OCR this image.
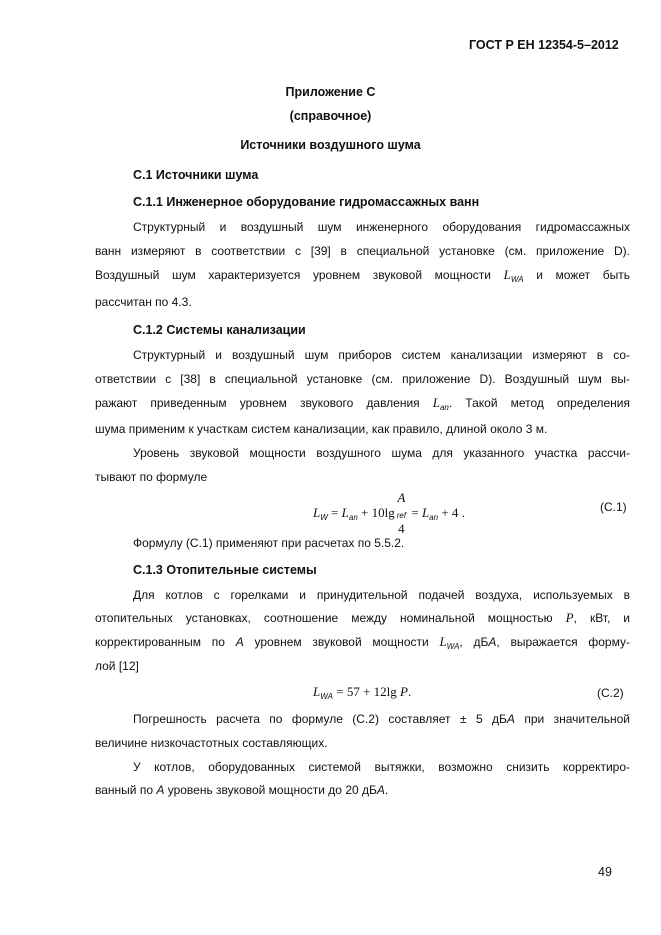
ГОСТ Р ЕН 12354-5–2012
Приложение С
(справочное)
Источники воздушного шума
С.1 Источники шума
С.1.1 Инженерное оборудование гидромассажных ванн
Структурный и воздушный шум инженерного оборудования гидромассажных
ванн измеряют в соответствии с [39] в специальной установке (см. приложение D).
Воздушный шум характеризуется уровнем звуковой мощности $L_{WA}$ и может быть
рассчитан по 4.3.
С.1.2 Системы канализации
Структурный и воздушный шум приборов систем канализации измеряют в со-
ответствии с [38] в специальной установке (см. приложение D). Воздушный шум вы-
ражают приведенным уровнем звукового давления $L_{an}$. Такой метод определения
шума применим к участкам систем канализации, как правило, длиной около 3 м.
Уровень звуковой мощности воздушного шума для указанного участка рассчи-
тывают по формуле
$L_W = L_{an} + 10\lg$
A
$_{ref}$
4
= $L_{an} + 4$ .	(С.1)
Формулу (С.1) применяют при расчетах по 5.5.2.
С.1.3 Отопительные системы
Для котлов с горелками и принудительной подачей воздуха, используемых в
отопительных установках, соотношение между номинальной мощностью P, кВт, и
корректированным по A уровнем звуковой мощности $L_{WA}$, дБA, выражается форму-
лой [12]
$L_{WA} = 57 + 12\lg$ P.	(С.2)
Погрешность расчета по формуле (С.2) составляет ± 5 дБA при значительной
величине низкочастотных составляющих.
У котлов, оборудованных системой вытяжки, возможно снизить корректиро-
ванный по A уровень звуковой мощности до 20 дБA.
49
